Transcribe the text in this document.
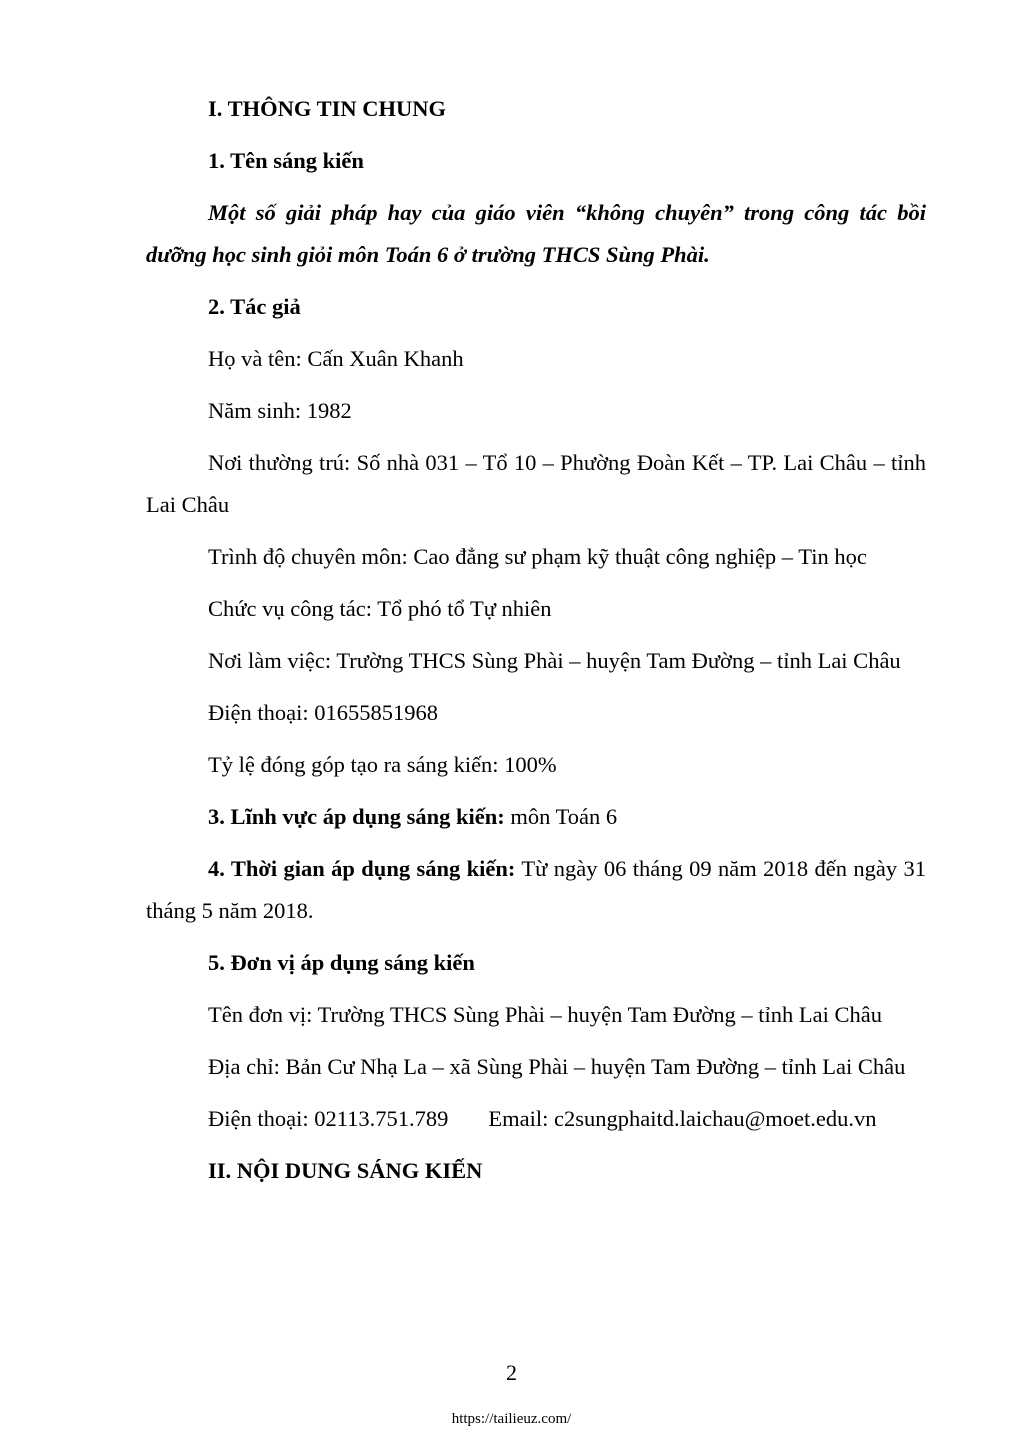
I. THÔNG TIN CHUNG

1. Tên sáng kiến

Một số giải pháp hay của giáo viên “không chuyên” trong công tác bồi dưỡng học sinh giỏi môn Toán 6 ở trường THCS Sùng Phài.

2. Tác giả

Họ và tên: Cấn Xuân Khanh

Năm sinh: 1982

Nơi thường trú: Số nhà 031 – Tổ 10 – Phường Đoàn Kết – TP. Lai Châu – tỉnh Lai Châu

Trình độ chuyên môn: Cao đẳng sư phạm kỹ thuật công nghiệp – Tin học

Chức vụ công tác: Tổ phó tổ Tự nhiên

Nơi làm việc: Trường THCS Sùng Phài – huyện Tam Đường – tỉnh Lai Châu

Điện thoại: 01655851968

Tỷ lệ đóng góp tạo ra sáng kiến: 100%

3. Lĩnh vực áp dụng sáng kiến: môn Toán 6

4. Thời gian áp dụng sáng kiến: Từ ngày 06 tháng 09 năm 2018 đến ngày 31 tháng 5 năm 2018.

5. Đơn vị áp dụng sáng kiến

Tên đơn vị: Trường THCS Sùng Phài – huyện Tam Đường – tỉnh Lai Châu

Địa chỉ: Bản Cư Nhạ La – xã Sùng Phài – huyện Tam Đường – tỉnh Lai Châu

Điện thoại: 02113.751.789 Email: c2sungphaitd.laichau@moet.edu.vn

II. NỘI DUNG SÁNG KIẾN

2
https://tailieuz.com/
